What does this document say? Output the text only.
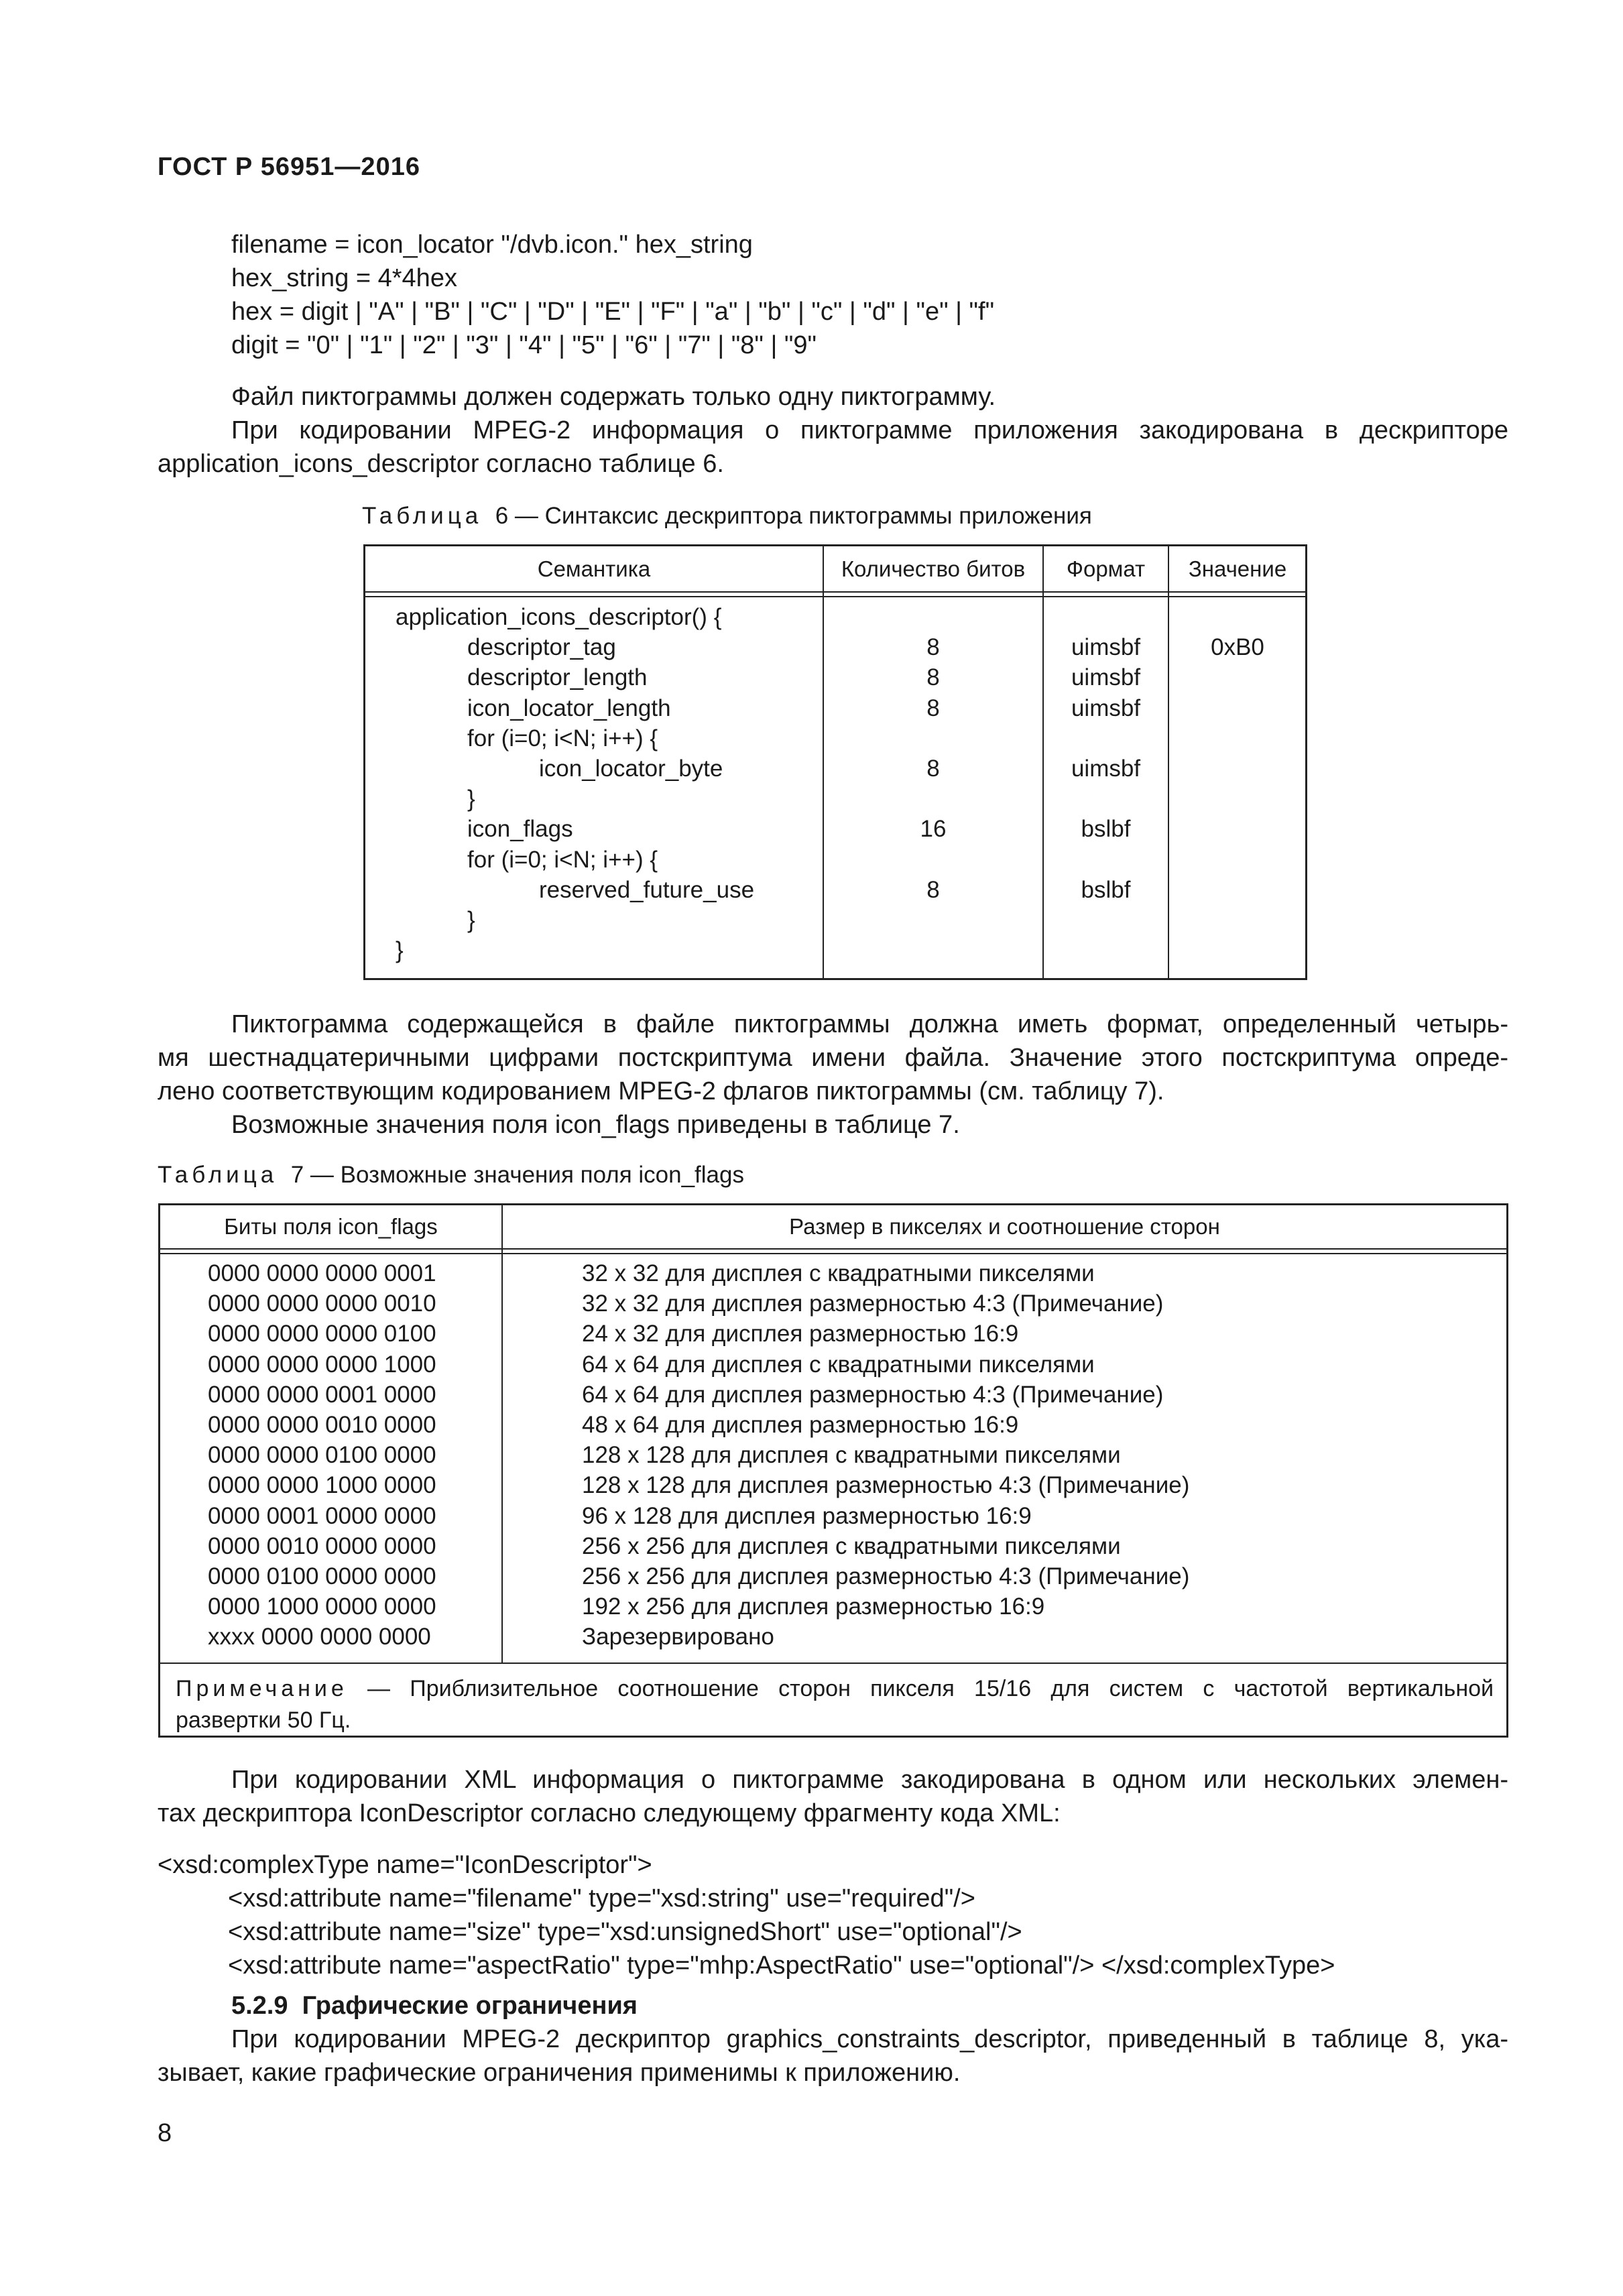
ГОСТ Р 56951—2016
filename = icon_locator "/dvb.icon." hex_string
hex_string = 4*4hex
hex = digit | "A" | "B" | "C" | "D" | "E" | "F" | "a" | "b" | "c" | "d" | "e" | "f"
digit = "0" | "1" | "2" | "3" | "4" | "5" | "6" | "7" | "8" | "9"
Файл пиктограммы должен содержать только одну пиктограмму.
При кодировании MPEG-2 информация о пиктограмме приложения закодирована в дескрипторе
application_icons_descriptor согласно таблице 6.
Таблица 6 — Синтаксис дескриптора пиктограммы приложения
Семантика	Количество битов	Формат	Значение
application_icons_descriptor() {
descriptor_tag	8	uimsbf	0xB0
descriptor_length	8	uimsbf
icon_locator_length	8	uimsbf
for (i=0; i<N; i++) {
icon_locator_byte	8	uimsbf
}
icon_flags	16	bslbf
for (i=0; i<N; i++) {
reserved_future_use	8	bslbf
}
}
Пиктограмма содержащейся в файле пиктограммы должна иметь формат, определенный четырь-
мя шестнадцатеричными цифрами постскриптума имени файла. Значение этого постскриптума опреде-
лено соответствующим кодированием MPEG-2 флагов пиктограммы (см. таблицу 7).
Возможные значения поля icon_flags приведены в таблице 7.
Таблица 7 — Возможные значения поля icon_flags
Биты поля icon_flags	Размер в пикселях и соотношение сторон
0000 0000 0000 0001	32 x 32 для дисплея с квадратными пикселями
0000 0000 0000 0010	32 x 32 для дисплея размерностью 4:3 (Примечание)
0000 0000 0000 0100	24 x 32 для дисплея размерностью 16:9
0000 0000 0000 1000	64 x 64 для дисплея с квадратными пикселями
0000 0000 0001 0000	64 x 64 для дисплея размерностью 4:3 (Примечание)
0000 0000 0010 0000	48 x 64 для дисплея размерностью 16:9
0000 0000 0100 0000	128 x 128 для дисплея с квадратными пикселями
0000 0000 1000 0000	128 x 128 для дисплея размерностью 4:3 (Примечание)
0000 0001 0000 0000	96 x 128 для дисплея размерностью 16:9
0000 0010 0000 0000	256 x 256 для дисплея с квадратными пикселями
0000 0100 0000 0000	256 x 256 для дисплея размерностью 4:3 (Примечание)
0000 1000 0000 0000	192 x 256 для дисплея размерностью 16:9
xxxx 0000 0000 0000	Зарезервировано
Примечание — Приблизительное соотношение сторон пикселя 15/16 для систем с частотой вертикальной
развертки 50 Гц.
При кодировании XML информация о пиктограмме закодирована в одном или нескольких элемен-
тах дескриптора IconDescriptor согласно следующему фрагменту кода XML:
<xsd:complexType name="IconDescriptor">
<xsd:attribute name="filename" type="xsd:string" use="required"/>
<xsd:attribute name="size" type="xsd:unsignedShort" use="optional"/>
<xsd:attribute name="aspectRatio" type="mhp:AspectRatio" use="optional"/> </xsd:complexType>
5.2.9 Графические ограничения
При кодировании MPEG-2 дескриптор graphics_constraints_descriptor, приведенный в таблице 8, ука-
зывает, какие графические ограничения применимы к приложению.
8
